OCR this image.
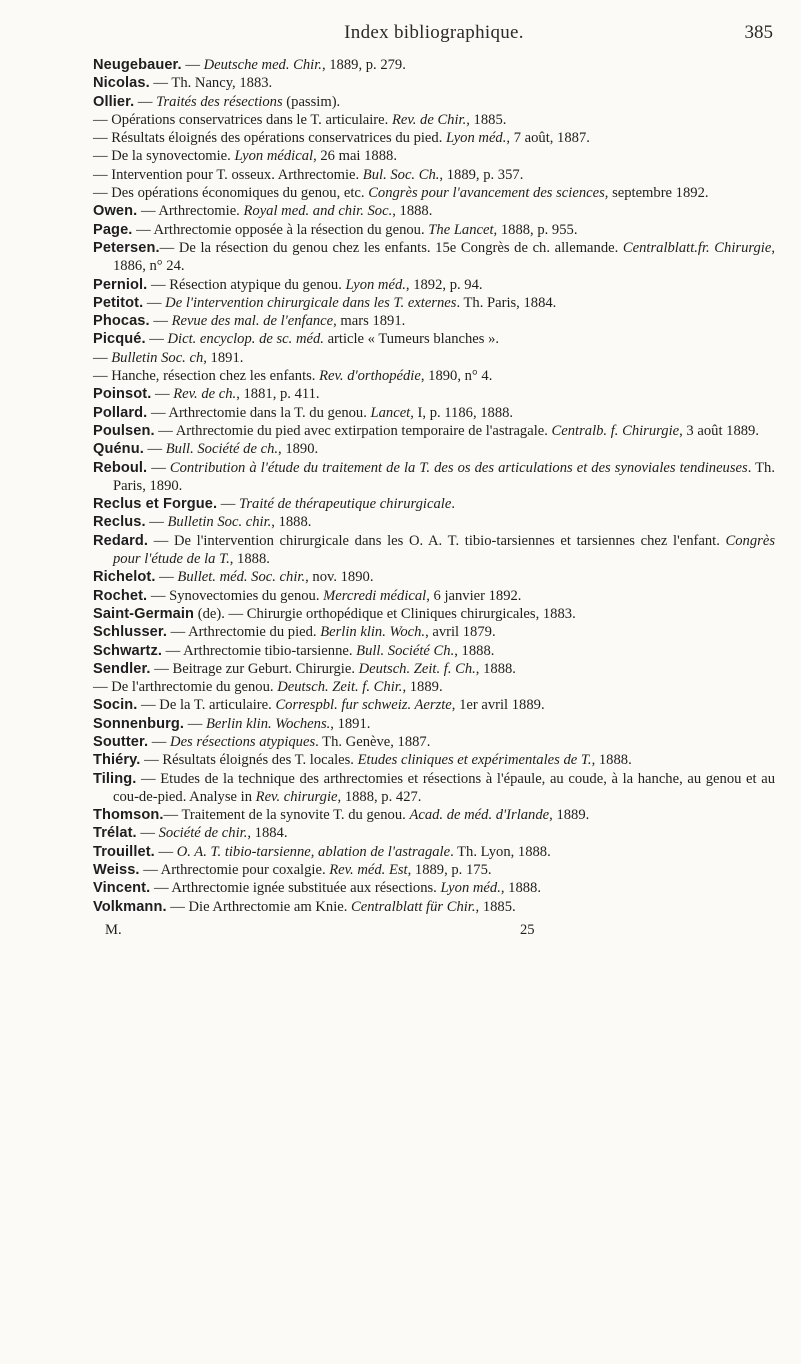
Index bibliographique.	385

Neugebauer. — Deutsche med. Chir., 1889, p. 279.

Nicolas. — Th. Nancy, 1883.

Ollier. — Traités des résections (passim).

— Opérations conservatrices dans le T. articulaire. Rev. de Chir., 1885.

— Résultats éloignés des opérations conservatrices du pied. Lyon méd., 7 août, 1887.

— De la synovectomie. Lyon médical, 26 mai 1888.

— Intervention pour T. osseux. Arthrectomie. Bul. Soc. Ch., 1889, p. 357.

— Des opérations économiques du genou, etc. Congrès pour l'avancement des sciences, septembre 1892.

Owen. — Arthrectomie. Royal med. and chir. Soc., 1888.

Page. — Arthrectomie opposée à la résection du genou. The Lancet, 1888, p. 955.

Petersen.— De la résection du genou chez les enfants. 15e Congrès de ch. allemande. Centralblatt.fr. Chirurgie, 1886, n° 24.

Perniol. — Résection atypique du genou. Lyon méd., 1892, p. 94.

Petitot. — De l'intervention chirurgicale dans les T. externes. Th. Paris, 1884.

Phocas. — Revue des mal. de l'enfance, mars 1891.

Picqué. — Dict. encyclop. de sc. méd. article « Tumeurs blanches ».

— Bulletin Soc. ch, 1891.

— Hanche, résection chez les enfants. Rev. d'orthopédie, 1890, n° 4.

Poinsot. — Rev. de ch., 1881, p. 411.

Pollard. — Arthrectomie dans la T. du genou. Lancet, I, p. 1186, 1888.

Poulsen. — Arthrectomie du pied avec extirpation temporaire de l'astragale. Centralb. f. Chirurgie, 3 août 1889.

Quénu. — Bull. Société de ch., 1890.

Reboul. — Contribution à l'étude du traitement de la T. des os des articulations et des synoviales tendineuses. Th. Paris, 1890.

Reclus et Forgue. — Traité de thérapeutique chirurgicale.

Reclus. — Bulletin Soc. chir., 1888.

Redard. — De l'intervention chirurgicale dans les O. A. T. tibio-tarsiennes et tarsiennes chez l'enfant. Congrès pour l'étude de la T., 1888.

Richelot. — Bullet. méd. Soc. chir., nov. 1890.

Rochet. — Synovectomies du genou. Mercredi médical, 6 janvier 1892.

Saint-Germain (de). — Chirurgie orthopédique et Cliniques chirurgicales, 1883.

Schlusser. — Arthrectomie du pied. Berlin klin. Woch., avril 1879.

Schwartz. — Arthrectomie tibio-tarsienne. Bull. Société Ch., 1888.

Sendler. — Beitrage zur Geburt. Chirurgie. Deutsch. Zeit. f. Ch., 1888.

— De l'arthrectomie du genou. Deutsch. Zeit. f. Chir., 1889.

Socin. — De la T. articulaire. Correspbl. fur schweiz. Aerzte, 1er avril 1889.

Sonnenburg. — Berlin klin. Wochens., 1891.

Soutter. — Des résections atypiques. Th. Genève, 1887.

Thiéry. — Résultats éloignés des T. locales. Etudes cliniques et expérimentales de T., 1888.

Tiling. — Etudes de la technique des arthrectomies et résections à l'épaule, au coude, à la hanche, au genou et au cou-de-pied. Analyse in Rev. chirurgie, 1888, p. 427.

Thomson.— Traitement de la synovite T. du genou. Acad. de méd. d'Irlande, 1889.

Trélat. — Société de chir., 1884.

Trouillet. — O. A. T. tibio-tarsienne, ablation de l'astragale. Th. Lyon, 1888.

Weiss. — Arthrectomie pour coxalgie. Rev. méd. Est, 1889, p. 175.

Vincent. — Arthrectomie ignée substituée aux résections. Lyon méd., 1888.

Volkmann. — Die Arthrectomie am Knie. Centralblatt für Chir., 1885.

M.	25
